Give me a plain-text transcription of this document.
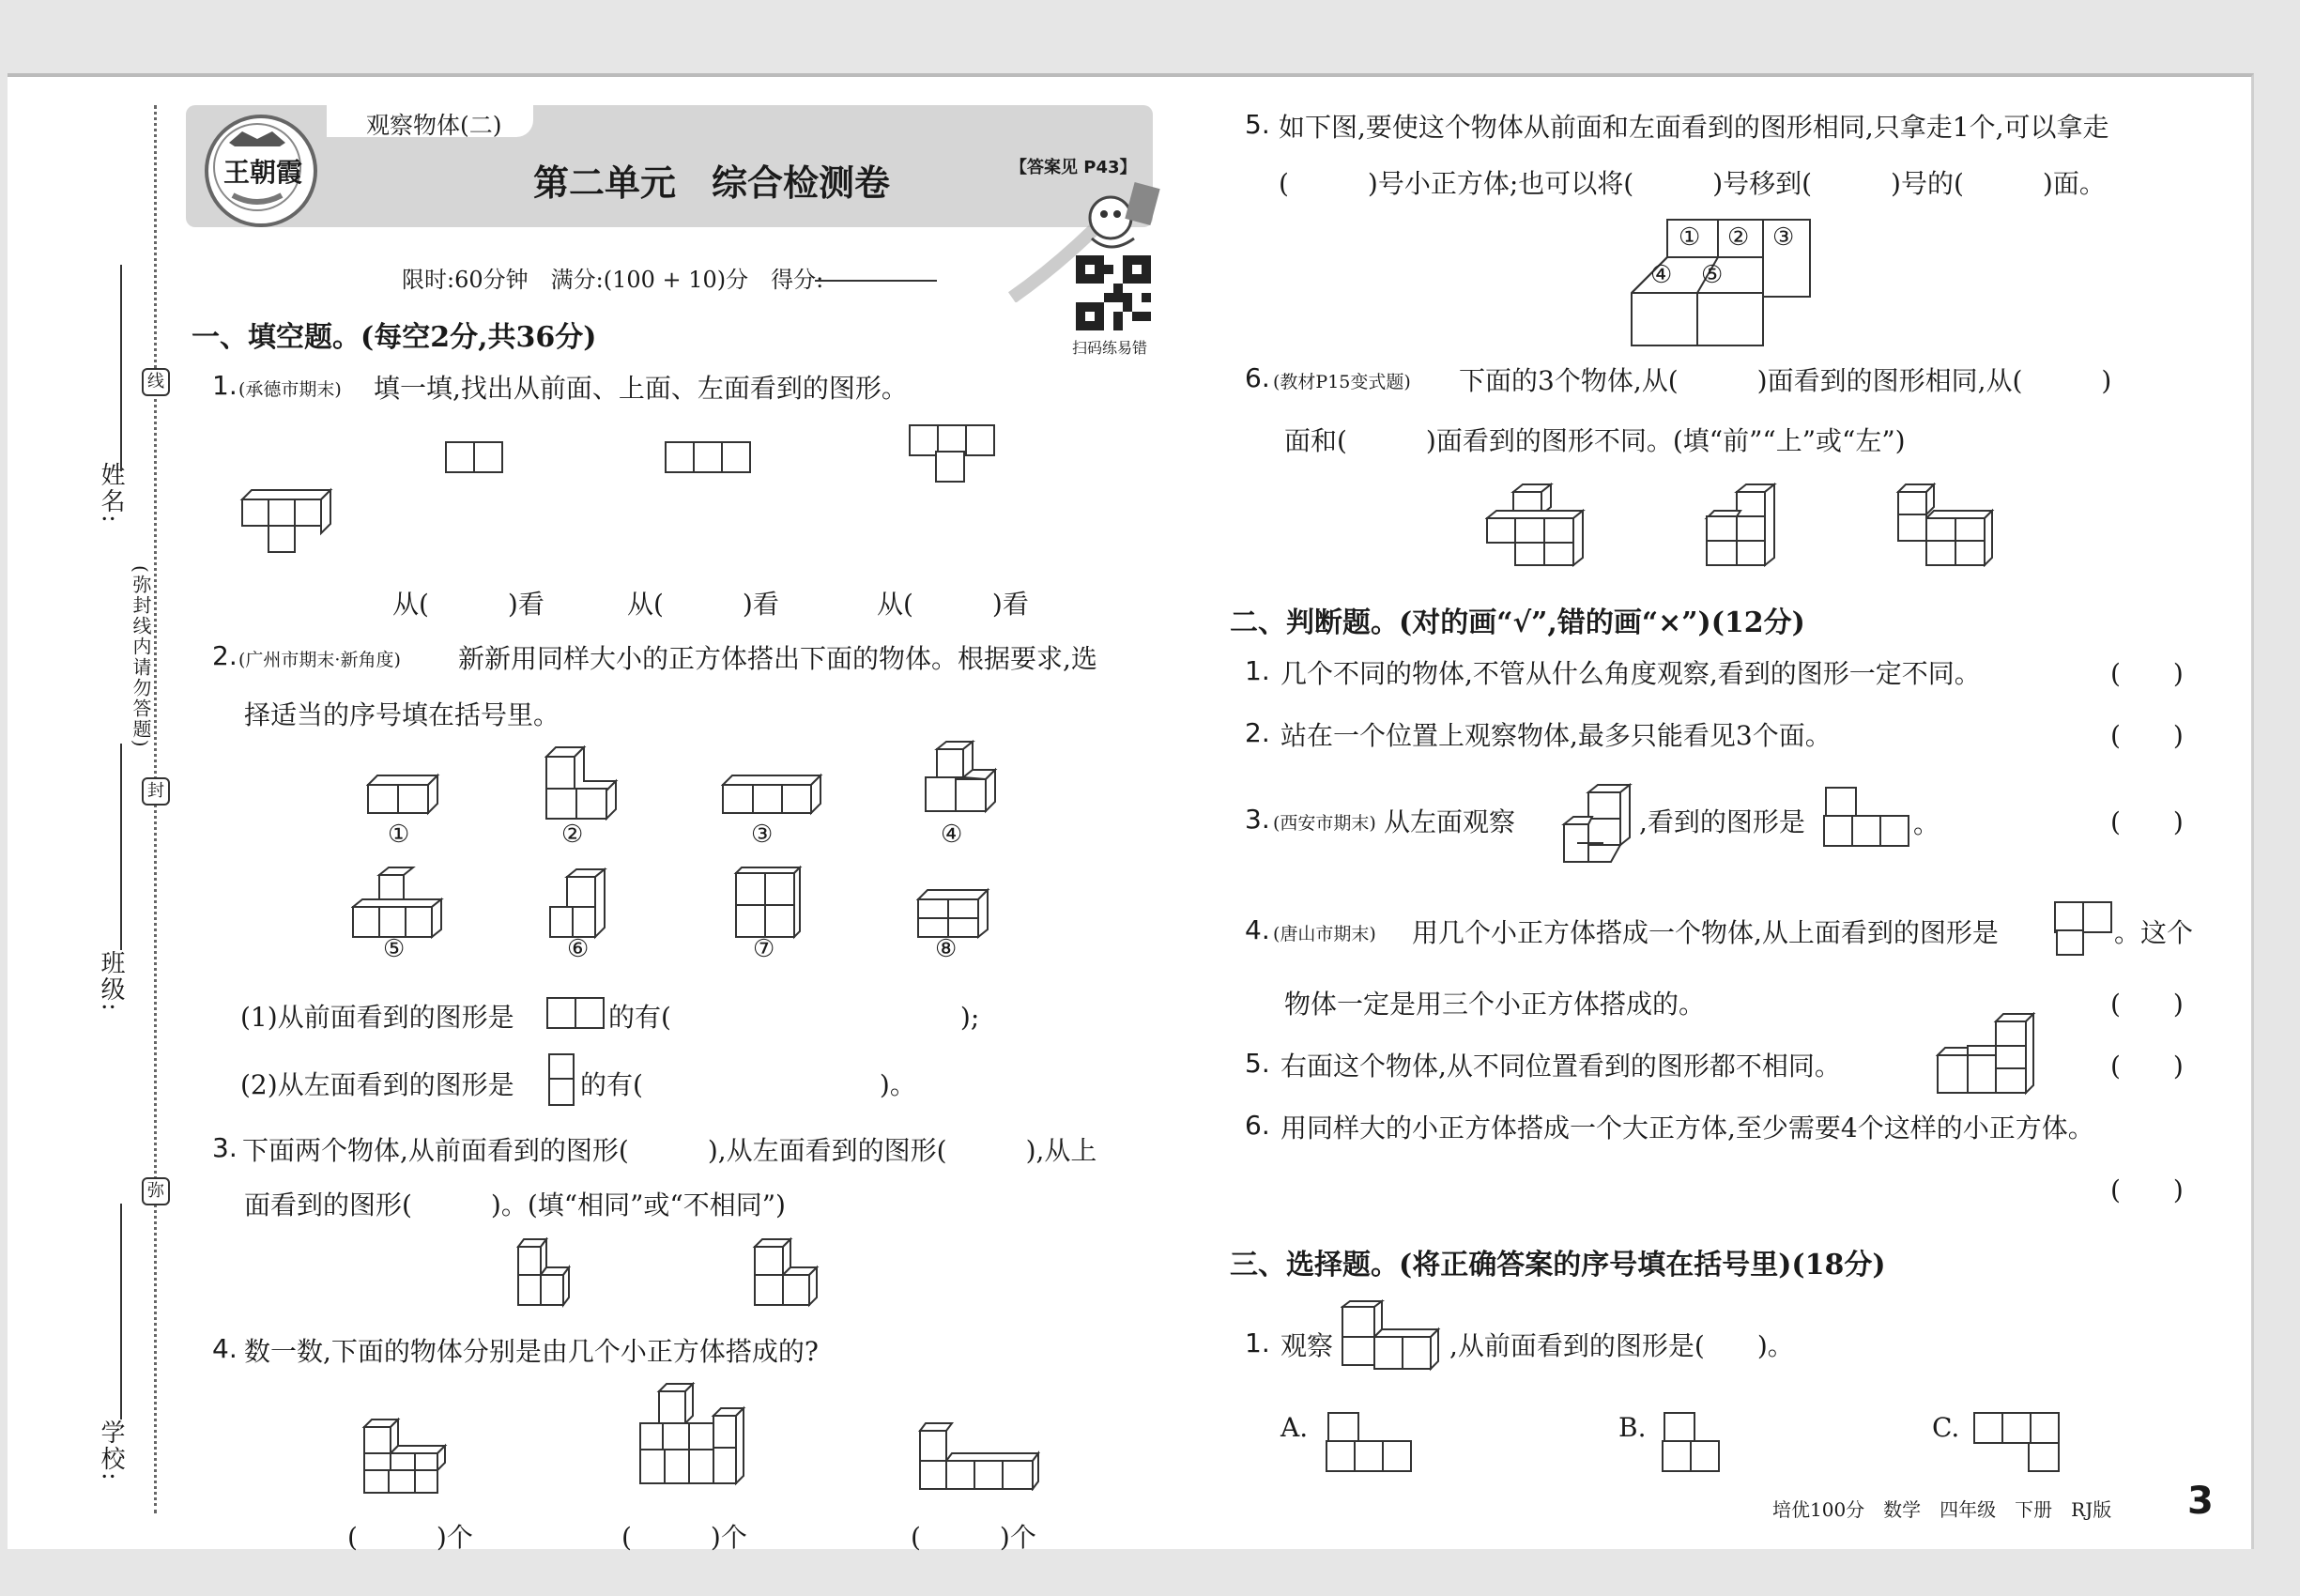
姓名:
班级:
学校:
(弥封线内请勿答题)
线
封
弥
王朝霞
观察物体(二)
【答案见 P43】
第二单元　综合检测卷
限时:60分钟　满分:(100 + 10)分　得分:
扫码练易错
一、填空题。(每空2分,共36分)
1. (承德市期末) 填一填,找出从前面、上面、左面看到的图形。
从(　　　)看	从(　　　)看	从(　　　)看
2. (广州市期末·新角度) 新新用同样大小的正方体搭出下面的物体。根据要求,选
择适当的序号填在括号里。
①	②	③	④
⑤	⑥	⑦	⑧
(1)从前面看到的图形是	的有(　　　　　　　　　　　);
(2)从左面看到的图形是	的有(　　　　　　　　　)。
3. 下面两个物体,从前面看到的图形(　　　),从左面看到的图形(　　　),从上
面看到的图形(　　　)。(填“相同”或“不相同”)
4. 数一数,下面的物体分别是由几个小正方体搭成的?
(　　　)个	(　　　)个	(　　　)个
5. 如下图,要使这个物体从前面和左面看到的图形相同,只拿走1个,可以拿走
(　　　)号小正方体;也可以将(　　　)号移到(　　　)号的(　　　)面。
① ② ③
④ ⑤
6. (教材P15变式题) 下面的3个物体,从(　　　)面看到的图形相同,从(　　　)
面和(　　　)面看到的图形不同。(填“前”“上”或“左”)
二、判断题。(对的画“√”,错的画“×”)(12分)
1. 几个不同的物体,不管从什么角度观察,看到的图形一定不同。	(　　)
2. 站在一个位置上观察物体,最多只能看见3个面。	(　　)
3. (西安市期末) 从左面观察	,看到的图形是	。	(　　)
4. (唐山市期末) 用几个小正方体搭成一个物体,从上面看到的图形是	。这个
物体一定是用三个小正方体搭成的。	(　　)
5. 右面这个物体,从不同位置看到的图形都不相同。	(　　)
6. 用同样大的小正方体搭成一个大正方体,至少需要4个这样的小正方体。
(　　)
三、选择题。(将正确答案的序号填在括号里)(18分)
1. 观察	,从前面看到的图形是(　　)。
A.	B.	C.
培优100分　数学　四年级　下册　RJ版 3
